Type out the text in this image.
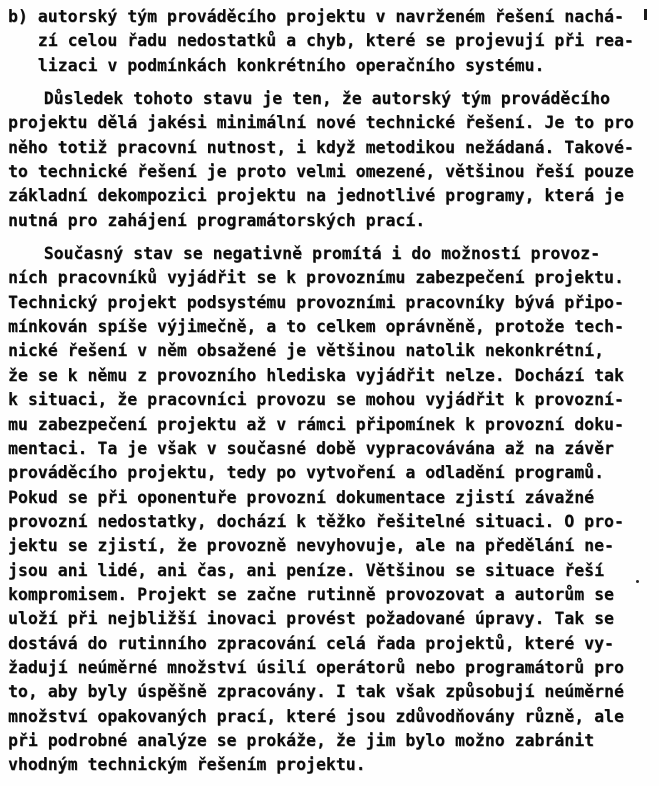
b) autorský tým prováděcího projektu v navrženém řešení nachá-
zí celou řadu nedostatků a chyb, které se projevují při rea-
lizaci v podmínkách konkrétního operačního systému.
Důsledek tohoto stavu je ten, že autorský tým prováděcího
projektu dělá jakési minimální nové technické řešení. Je to pro
něho totiž pracovní nutnost, i když metodikou nežádaná. Takové-
to technické řešení je proto velmi omezené, většinou řeší pouze
základní dekompozici projektu na jednotlivé programy, která je
nutná pro zahájení programátorských prací.
Současný stav se negativně promítá i do možností provoz-
ních pracovníků vyjádřit se k provoznímu zabezpečení projektu.
Technický projekt podsystému provozními pracovníky bývá připo-
mínkován spíše výjimečně, a to celkem oprávněně, protože tech-
nické řešení v něm obsažené je většinou natolik nekonkrétní,
že se k němu z provozního hlediska vyjádřit nelze. Dochází tak
k situaci, že pracovníci provozu se mohou vyjádřit k provozní-
mu zabezpečení projektu až v rámci připomínek k provozní doku-
mentaci. Ta je však v současné době vypracovávána až na závěr
prováděcího projektu, tedy po vytvoření a odladění programů.
Pokud se při oponentuře provozní dokumentace zjistí závažné
provozní nedostatky, dochází k těžko řešitelné situaci. O pro-
jektu se zjistí, že provozně nevyhovuje, ale na předělání ne-
jsou ani lidé, ani čas, ani peníze. Většinou se situace řeší
kompromisem. Projekt se začne rutinně provozovat a autorům se
uloží při nejbližší inovaci provést požadované úpravy. Tak se
dostává do rutinního zpracování celá řada projektů, které vy-
žadují neúměrné množství úsilí operátorů nebo programátorů pro
to, aby byly úspěšně zpracovány. I tak však způsobují neúměrné
množství opakovaných prací, které jsou zdůvodňovány různě, ale
při podrobné analýze se prokáže, že jim bylo možno zabránit
vhodným technickým řešením projektu.
